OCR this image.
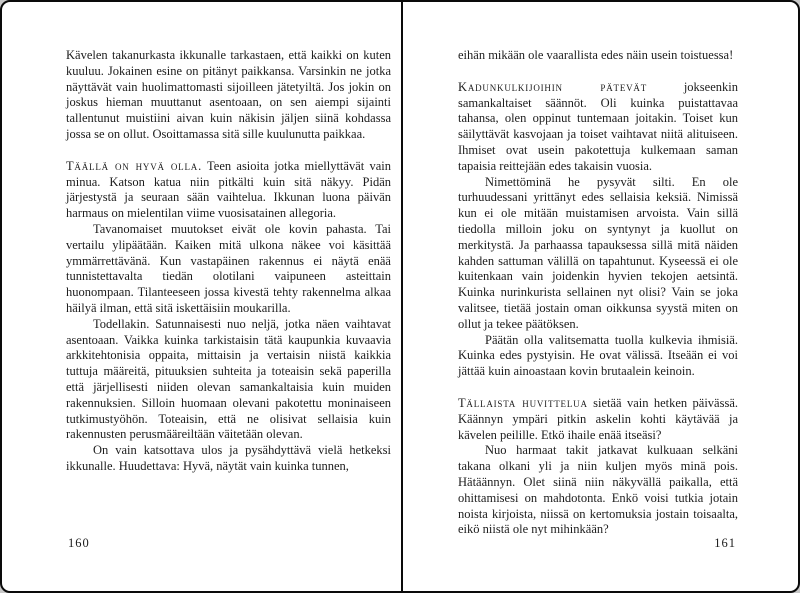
Kävelen takanurkasta ikkunalle tarkastaen, että kaikki on kuten kuuluu. Jokainen esine on pitänyt paikkansa. Varsinkin ne jotka näyttävät vain huolimattomasti sijoilleen jätetyiltä. Jos jokin on joskus hieman muuttanut asentoaan, on sen aiempi sijainti tallentunut muistiini aivan kuin näkisin jäljen siinä kohdassa jossa se on ollut. Osoittamassa sitä sille kuulunutta paikkaa.

Täällä on hyvä olla. Teen asioita jotka miellyttävät vain minua. Katson katua niin pitkälti kuin sitä näkyy. Pidän järjestystä ja seuraan sään vaihtelua. Ikkunan luona päivän harmaus on mielentilan viime vuosisatainen allegoria.

Tavanomaiset muutokset eivät ole kovin pahasta. Tai vertailu ylipäätään. Kaiken mitä ulkona näkee voi käsittää ymmärrettävänä. Kun vastapäinen rakennus ei näytä enää tunnistettavalta tiedän olotilani vaipuneen asteittain huonompaan. Tilanteeseen jossa kivestä tehty rakennelma alkaa häilyä ilman, että sitä iskettäisiin moukarilla.

Todellakin. Satunnaisesti nuo neljä, jotka näen vaihtavat asentoaan. Vaikka kuinka tarkistaisin tätä kaupunkia kuvaavia arkkitehtonisia oppaita, mittaisin ja vertaisin niistä kaikkia tuttuja määreitä, pituuksien suhteita ja toteaisin sekä paperilla että järjellisesti niiden olevan samankaltaisia kuin muiden rakennuksien. Silloin huomaan olevani pakotettu moninaiseen tutkimustyöhön. Toteaisin, että ne olisivat sellaisia kuin rakennusten perusmääreiltään väitetään olevan.

On vain katsottava ulos ja pysähdyttävä vielä hetkeksi ikkunalle. Huudettava: Hyvä, näytät vain kuinka tunnen,

160

eihän mikään ole vaarallista edes näin usein toistuessa!

Kadunkulkijoihin pätevät	jokseenkin samankaltaiset säännöt. Oli kuinka puistattavaa tahansa, olen oppinut tuntemaan joitakin. Toiset kun säilyttävät kasvojaan ja toiset vaihtavat niitä alituiseen. Ihmiset ovat usein pakotettuja kulkemaan saman tapaisia reittejään edes takaisin vuosia.

Nimettöminä he pysyvät silti. En ole turhuudessani yrittänyt edes sellaisia keksiä. Nimissä kun ei ole mitään muistamisen arvoista. Vain sillä tiedolla milloin joku on syntynyt ja kuollut on merkitystä. Ja parhaassa tapauksessa sillä mitä näiden kahden sattuman välillä on tapahtunut. Kyseessä ei ole kuitenkaan vain joidenkin hyvien tekojen aetsintä. Kuinka nurinkurista sellainen nyt olisi? Vain se joka valitsee, tietää jostain oman oikkunsa syystä miten on ollut ja tekee päätöksen.

Päätän olla valitsematta tuolla kulkevia ihmisiä. Kuinka edes pystyisin. He ovat välissä. Itseään ei voi jättää kuin ainoastaan kovin brutaalein keinoin.

Tällaista huvittelua sietää vain hetken päivässä. Käännyn ympäri pitkin askelin kohti käytävää ja kävelen peilille. Etkö ihaile enää itseäsi?

Nuo harmaat takit jatkavat kulkuaan selkäni takana olkani yli ja niin kuljen myös minä pois. Hätäännyn. Olet siinä niin näkyvällä paikalla, että ohittamisesi on mahdotonta. Enkö voisi tutkia jotain noista kirjoista, niissä on kertomuksia jostain toisaalta, eikö niistä ole nyt mihinkään?

161
